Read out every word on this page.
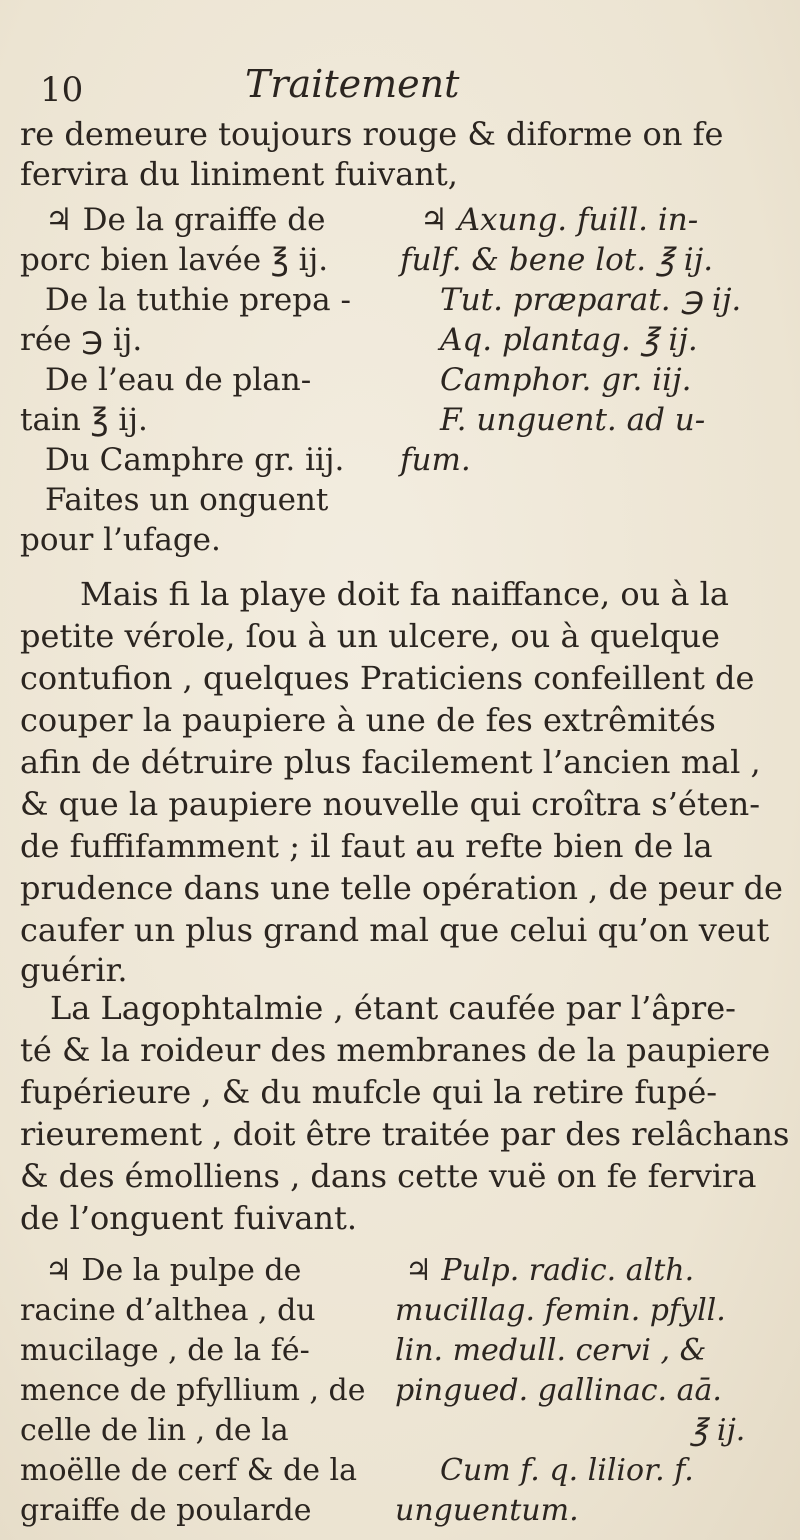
10	Traitement
re demeure toujours rouge & diforme on fe
fervira du liniment fuivant,
♃ De la graiffe de
porc bien lavée ℥ ij.
De la tuthie prepa -
rée ℈ ij.
De l’eau de plan-
tain ℥ ij.
Du Camphre gr. iij.
Faites un onguent
pour l’ufage.
♃ Axung. fuill. in-
fulf. & bene lot. ℥ ij.
Tut. præparat. ℈ ij.
Aq. plantag. ℥ ij.
Camphor. gr. iij.
F. unguent. ad u-
fum.
Mais fi la playe doit fa naiffance, ou à la
petite vérole, ſou à un ulcere, ou à quelque
contufion , quelques Praticiens confeillent de
couper la paupiere à une de fes extrêmités
afin de détruire plus facilement l’ancien mal ,
& que la paupiere nouvelle qui croîtra s’éten-
de fuffifamment ; il faut au refte bien de la
prudence dans une telle opération , de peur de
caufer un plus grand mal que celui qu’on veut
guérir.
La Lagophtalmie , étant caufée par l’âpre-
té & la roideur des membranes de la paupiere
fupérieure , & du mufcle qui la retire fupé-
rieurement , doit être traitée par des relâchans
& des émolliens , dans cette vuë on fe fervira
de l’onguent fuivant.
♃ De la pulpe de
racine d’althea , du
mucilage , de la fé-
mence de pfyllium , de
celle de lin , de la
moëlle de cerf & de la
graiffe de poularde
♃ Pulp. radic. alth.
mucillag. femin. pfyll.
lin. medull. cervi , &
pingued. gallinac. aā.
℥ ij.
Cum f. q. lilior. f.
unguentum.
